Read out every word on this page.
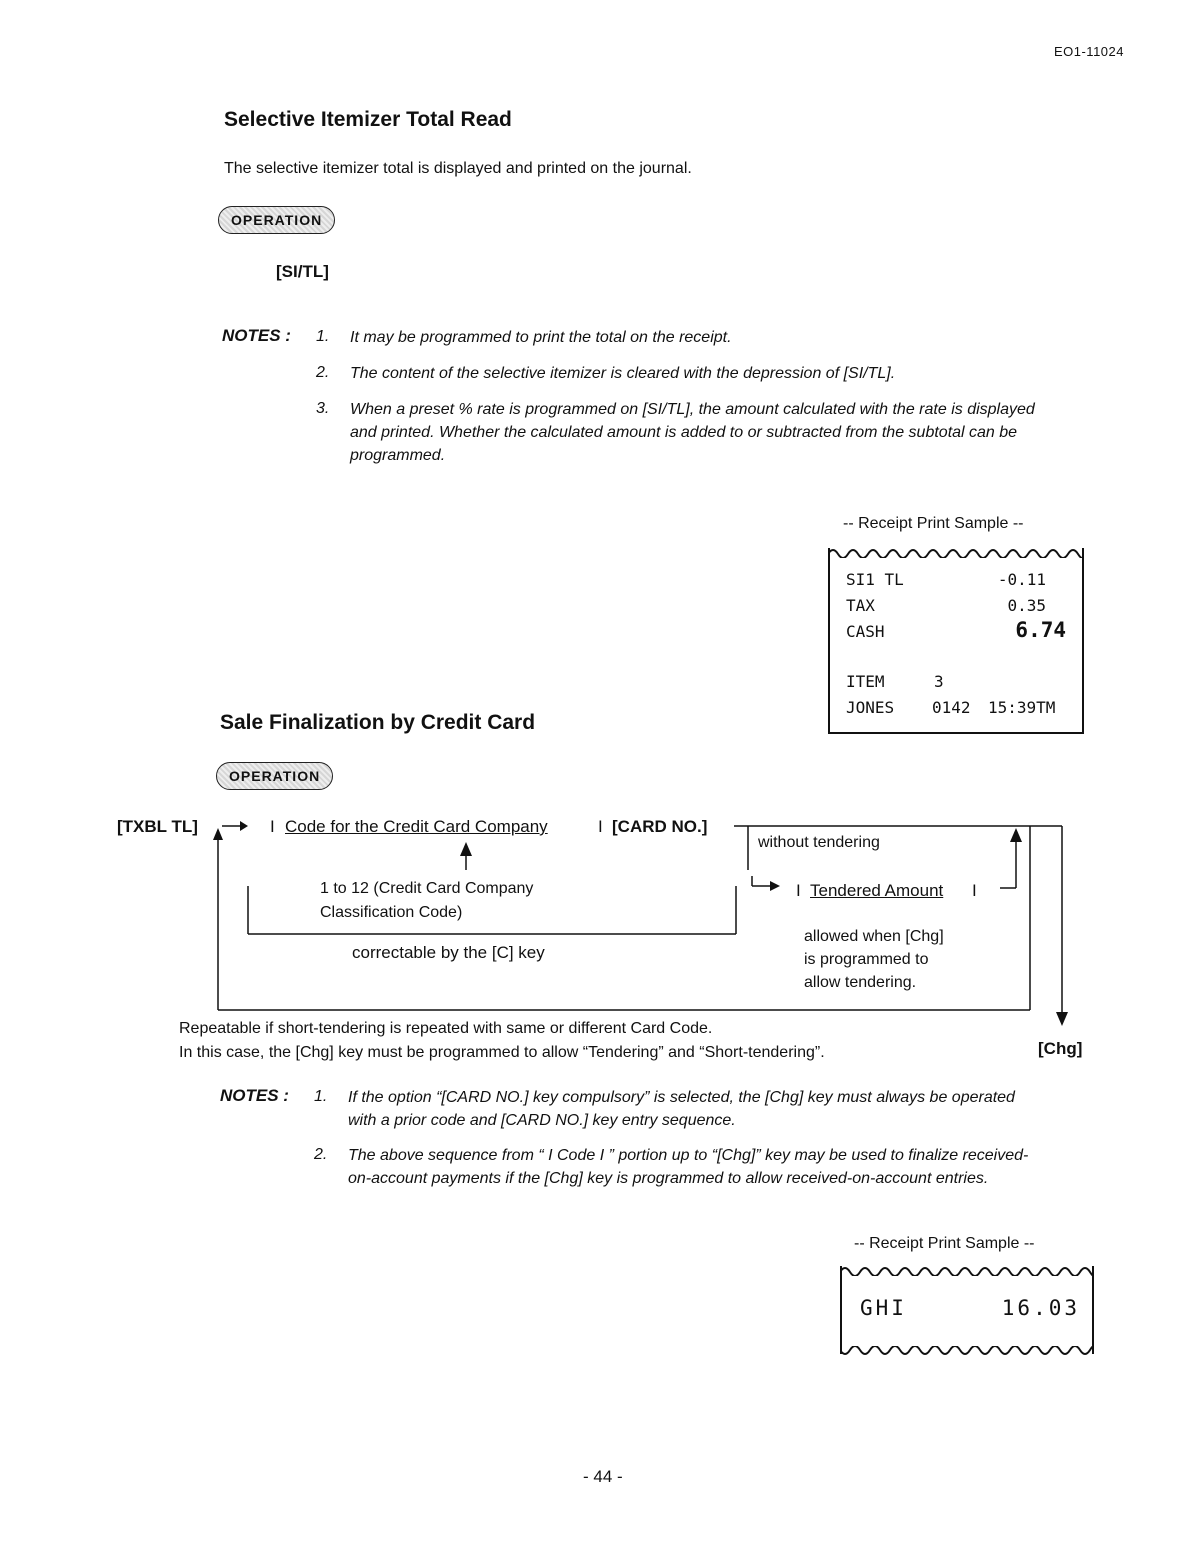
EO1-11024
Selective Itemizer Total Read
The selective itemizer total is displayed and printed on the journal.
OPERATION
[SI/TL]
NOTES : 1. It may be programmed to print the total on the receipt.
2. The content of the selective itemizer is cleared with the depression of [SI/TL].
3. When a preset % rate is programmed on [SI/TL], the amount calculated with the rate is displayed and printed. Whether the calculated amount is added to or subtracted from the subtotal can be programmed.
-- Receipt Print Sample --
SI1 TL	-0.11
TAX	0.35
CASH	6.74
ITEM	3
JONES 0142 15:39TM
Sale Finalization by Credit Card
OPERATION
[TXBL TL]	I Code for the Credit Card Company	I [CARD NO.]
without tendering
1 to 12 (Credit Card Company
Classification Code)
I Tendered Amount I
correctable by the [C] key
allowed when [Chg]
is programmed to
allow tendering.
[Chg]
Repeatable if short-tendering is repeated with same or different Card Code.
In this case, the [Chg] key must be programmed to allow “Tendering” and “Short-tendering”.
NOTES : 1. If the option “[CARD NO.] key compulsory” is selected, the [Chg] key must always be operated with a prior code and [CARD NO.] key entry sequence.
2. The above sequence from “ I Code I ” portion up to “[Chg]” key may be used to finalize received-on-account payments if the [Chg] key is programmed to allow received-on-account entries.
-- Receipt Print Sample --
GHI	16.03
- 44 -
